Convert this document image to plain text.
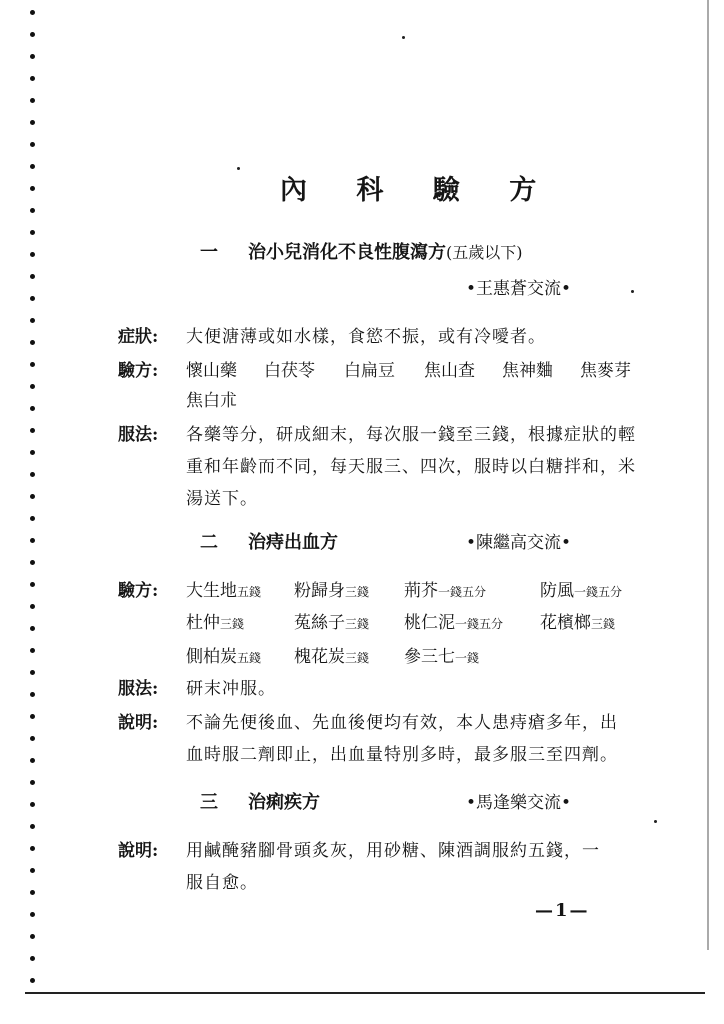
內 科 驗 方
一 治小兒消化不良性腹瀉方(五歲以下)
•王惠蒼交流•
症狀: 大便溏薄或如水樣，食慾不振，或有冷噯者。
驗方: 懷山藥 白茯苓 白扁豆 焦山查 焦神麯 焦麥芽
焦白朮
服法: 各藥等分，研成細末，每次服一錢至三錢，根據症狀的輕
重和年齡而不同，每天服三、四次，服時以白糖拌和，米
湯送下。
二 治痔出血方	•陳繼高交流•
驗方: 大生地五錢 粉歸身三錢 荊芥一錢五分	防風一錢五分
杜仲三錢	菟絲子三錢 桃仁泥一錢五分 花檳榔三錢
側柏炭五錢 槐花炭三錢 參三七一錢
服法: 研末冲服。
說明: 不論先便後血、先血後便均有效，本人患痔瘡多年，出
血時服二劑即止，出血量特別多時，最多服三至四劑。
三 治痢疾方	•馬逢樂交流•
說明: 用鹹醃豬腳骨頭炙灰，用砂糖、陳酒調服約五錢，一
服自愈。
—1—
